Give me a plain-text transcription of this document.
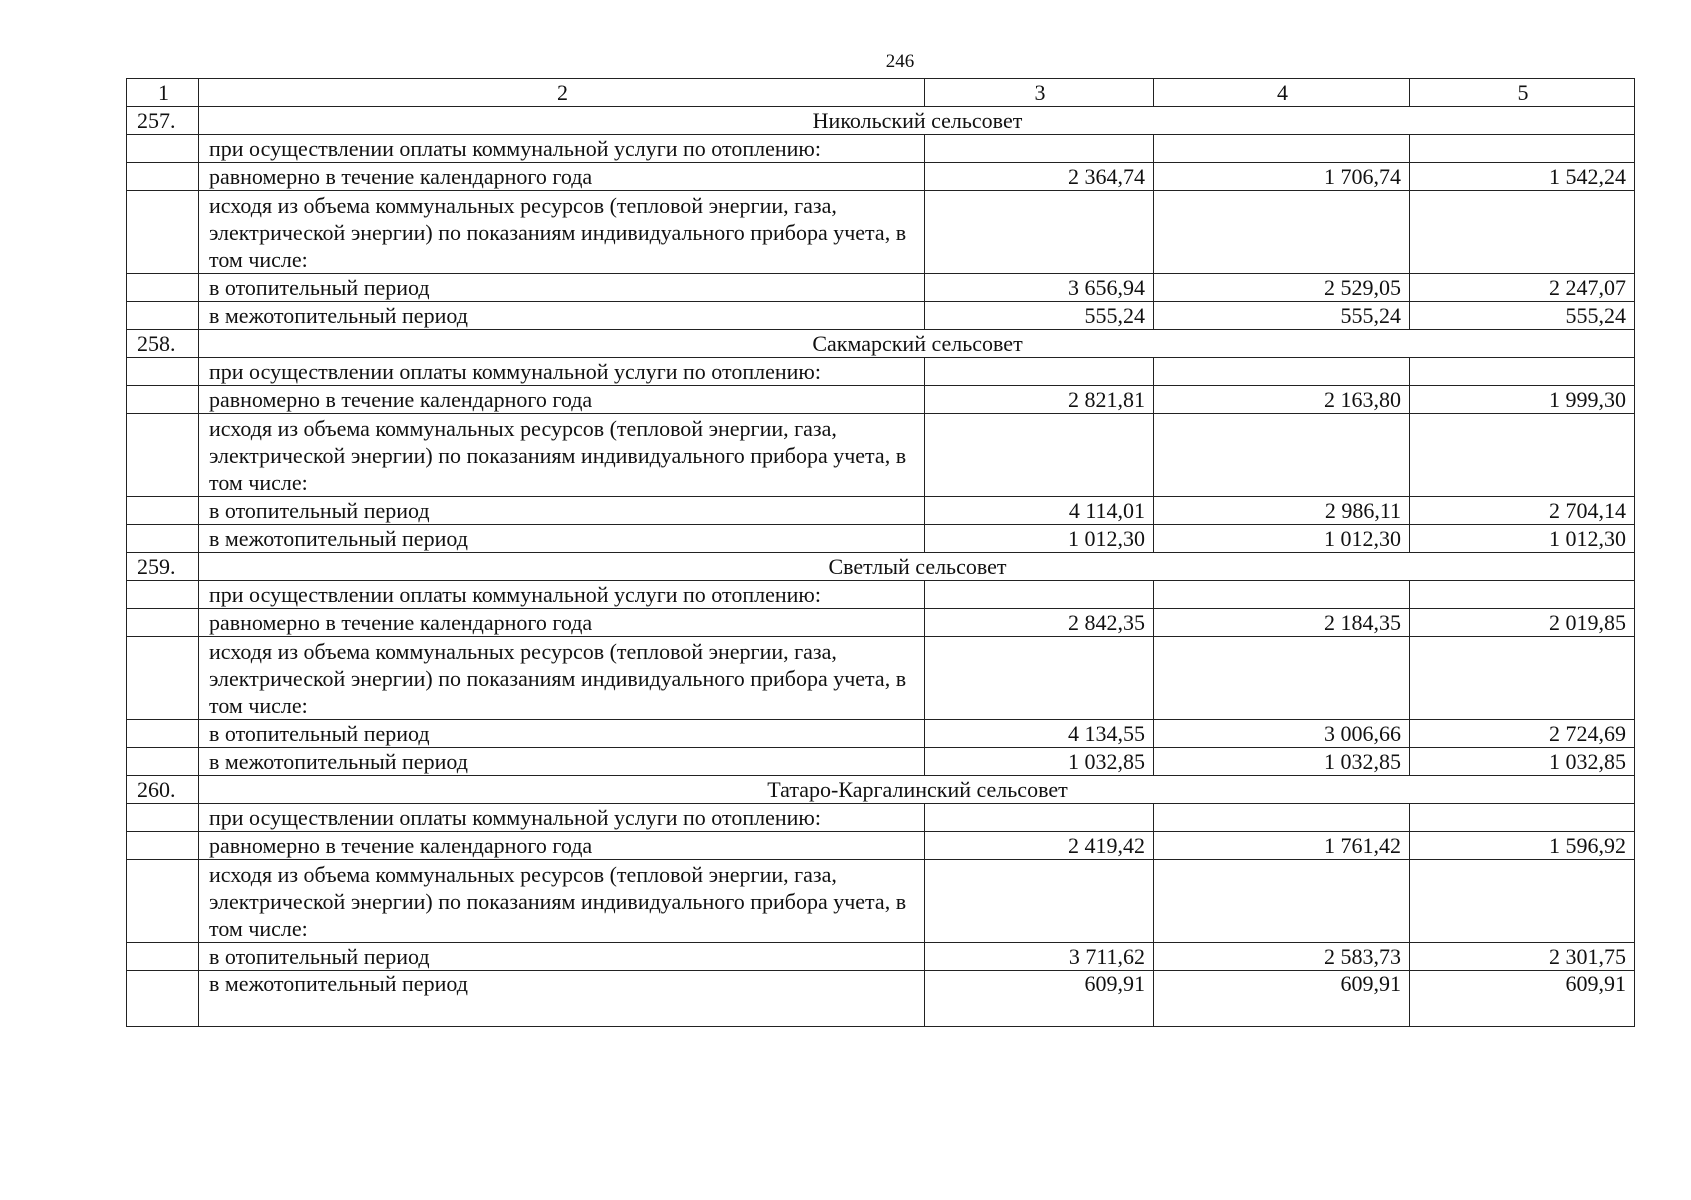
246
1	2	3	4	5
257.	Никольский сельсовет			
	при осуществлении оплаты коммунальной услуги по отоплению:			
	равномерно в течение календарного года	2 364,74	1 706,74	1 542,24
	исходя из объема коммунальных ресурсов (тепловой энергии, газа, электрической энергии) по показаниям индивидуального прибора учета, в том числе:			
	в отопительный период	3 656,94	2 529,05	2 247,07
	в межотопительный период	555,24	555,24	555,24
258.	Сакмарский сельсовет			
	при осуществлении оплаты коммунальной услуги по отоплению:			
	равномерно в течение календарного года	2 821,81	2 163,80	1 999,30
	исходя из объема коммунальных ресурсов (тепловой энергии, газа, электрической энергии) по показаниям индивидуального прибора учета, в том числе:			
	в отопительный период	4 114,01	2 986,11	2 704,14
	в межотопительный период	1 012,30	1 012,30	1 012,30
259.	Светлый сельсовет			
	при осуществлении оплаты коммунальной услуги по отоплению:			
	равномерно в течение календарного года	2 842,35	2 184,35	2 019,85
	исходя из объема коммунальных ресурсов (тепловой энергии, газа, электрической энергии) по показаниям индивидуального прибора учета, в том числе:			
	в отопительный период	4 134,55	3 006,66	2 724,69
	в межотопительный период	1 032,85	1 032,85	1 032,85
260.	Татаро-Каргалинский сельсовет			
	при осуществлении оплаты коммунальной услуги по отоплению:			
	равномерно в течение календарного года	2 419,42	1 761,42	1 596,92
	исходя из объема коммунальных ресурсов (тепловой энергии, газа, электрической энергии) по показаниям индивидуального прибора учета, в том числе:			
	в отопительный период	3 711,62	2 583,73	2 301,75
	в межотопительный период	609,91	609,91	609,91
